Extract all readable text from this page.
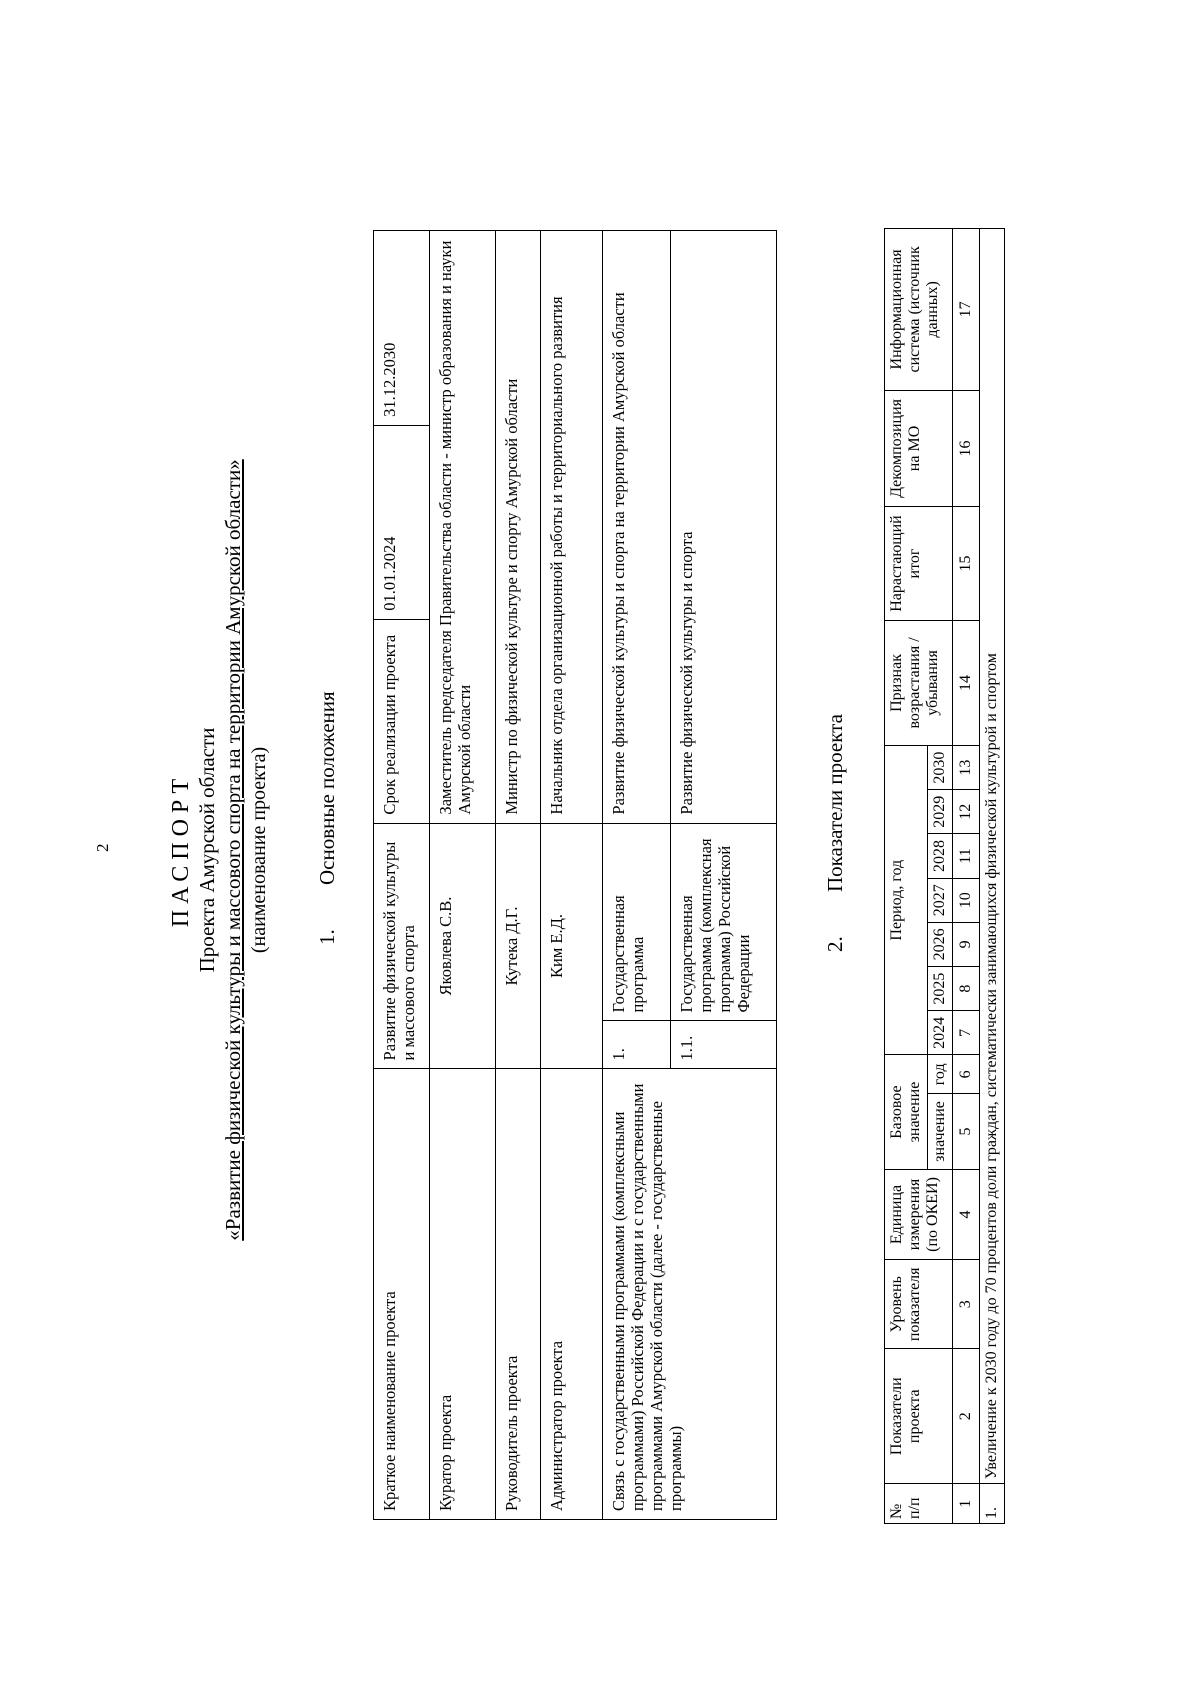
2 ПАСПОРТ Проекта Амурской области «Развитие физической культуры и массового спорта на территории Амурской области» (наименование проекта) 1.Основные положения
Краткое наименование проекта	Развитие физической культуры и массового спорта		Срок реализации проекта	01.01.2024	31.12.2030
Куратор проекта	Яковлева С.В.		Заместитель председателя Правительства области - министр образования и науки Амурской области		
Руководитель проекта	Кутека Д.Г.		Министр по физической культуре и спорту Амурской области		
Администратор проекта	Ким Е.Д.		Начальник отдела организационной работы и территориального развития		
Связь с государственными программами (комплексными программами) Российской Федерации и с государственными программами Амурской области (далее - государственные программы)	1.	Государственная программа	Развитие физической культуры и спорта на территории Амурской области		
	1.1.	Государственная программа (комплексная программа) Российской Федерации	Развитие физической культуры и спорта		
2.Показатели проекта
№ п/п	Показатели проекта	Уровень показателя	Единица измерения (по ОКЕИ)	Базовое значение		Период, год							Признак возрастания / убывания	Нарастающий итог	Декомпозиция на МО	Информационная система (источник данных)
				значение	год	2024	2025	2026	2027	2028	2029	2030				
1	2	3	4	5	6	7	8	9	10	11	12	13	14	15	16	17
1.	Увеличение к 2030 году до 70 процентов доли граждан, систематически занимающихся физической культурой и спортом															
